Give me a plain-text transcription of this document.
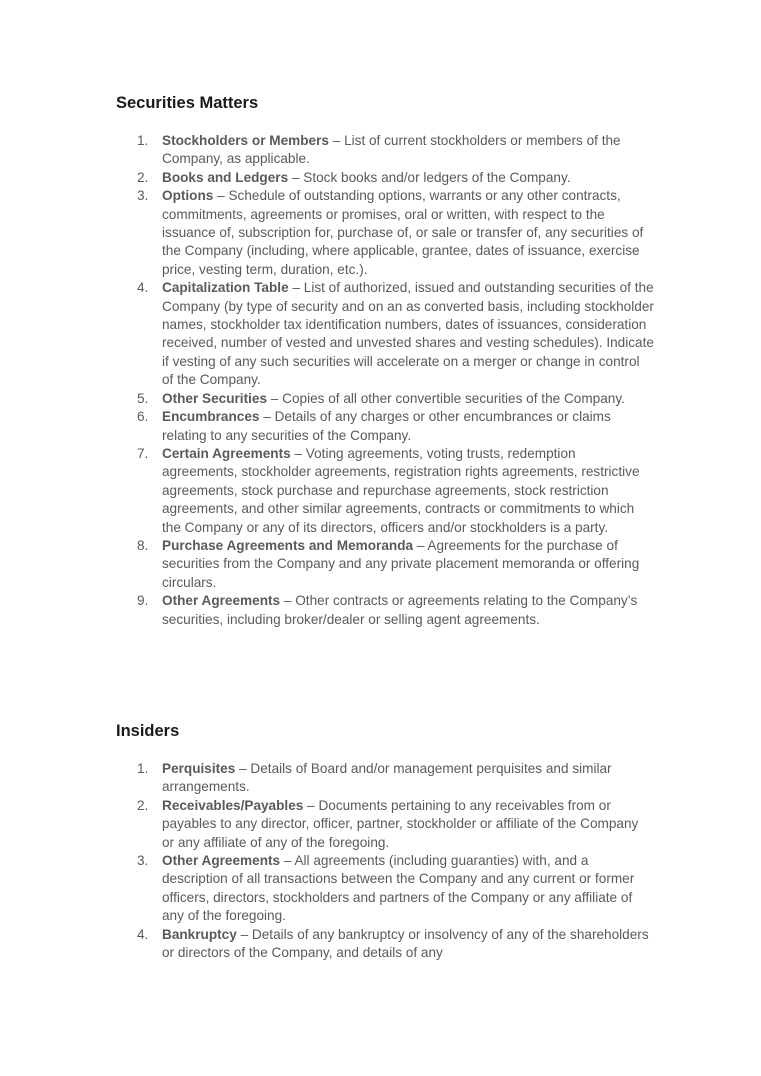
Securities Matters
1.	Stockholders or Members – List of current stockholders or members of the Company, as applicable.
2.	Books and Ledgers – Stock books and/or ledgers of the Company.
3.	Options – Schedule of outstanding options, warrants or any other contracts, commitments, agreements or promises, oral or written, with respect to the issuance of, subscription for, purchase of, or sale or transfer of, any securities of the Company (including, where applicable, grantee, dates of issuance, exercise price, vesting term, duration, etc.).
4.	Capitalization Table – List of authorized, issued and outstanding securities of the Company (by type of security and on an as converted basis, including stockholder names, stockholder tax identification numbers, dates of issuances, consideration received, number of vested and unvested shares and vesting schedules). Indicate if vesting of any such securities will accelerate on a merger or change in control of the Company.
5.	Other Securities – Copies of all other convertible securities of the Company.
6.	Encumbrances – Details of any charges or other encumbrances or claims relating to any securities of the Company.
7.	Certain Agreements – Voting agreements, voting trusts, redemption agreements, stockholder agreements, registration rights agreements, restrictive agreements, stock purchase and repurchase agreements, stock restriction agreements, and other similar agreements, contracts or commitments to which the Company or any of its directors, officers and/or stockholders is a party.
8.	Purchase Agreements and Memoranda – Agreements for the purchase of securities from the Company and any private placement memoranda or offering circulars.
9.	Other Agreements – Other contracts or agreements relating to the Company’s securities, including broker/dealer or selling agent agreements.
Insiders
1.	Perquisites – Details of Board and/or management perquisites and similar arrangements.
2.	Receivables/Payables – Documents pertaining to any receivables from or payables to any director, officer, partner, stockholder or affiliate of the Company or any affiliate of any of the foregoing.
3.	Other Agreements – All agreements (including guaranties) with, and a description of all transactions between the Company and any current or former officers, directors, stockholders and partners of the Company or any affiliate of any of the foregoing.
4.	Bankruptcy – Details of any bankruptcy or insolvency of any of the shareholders or directors of the Company, and details of any
